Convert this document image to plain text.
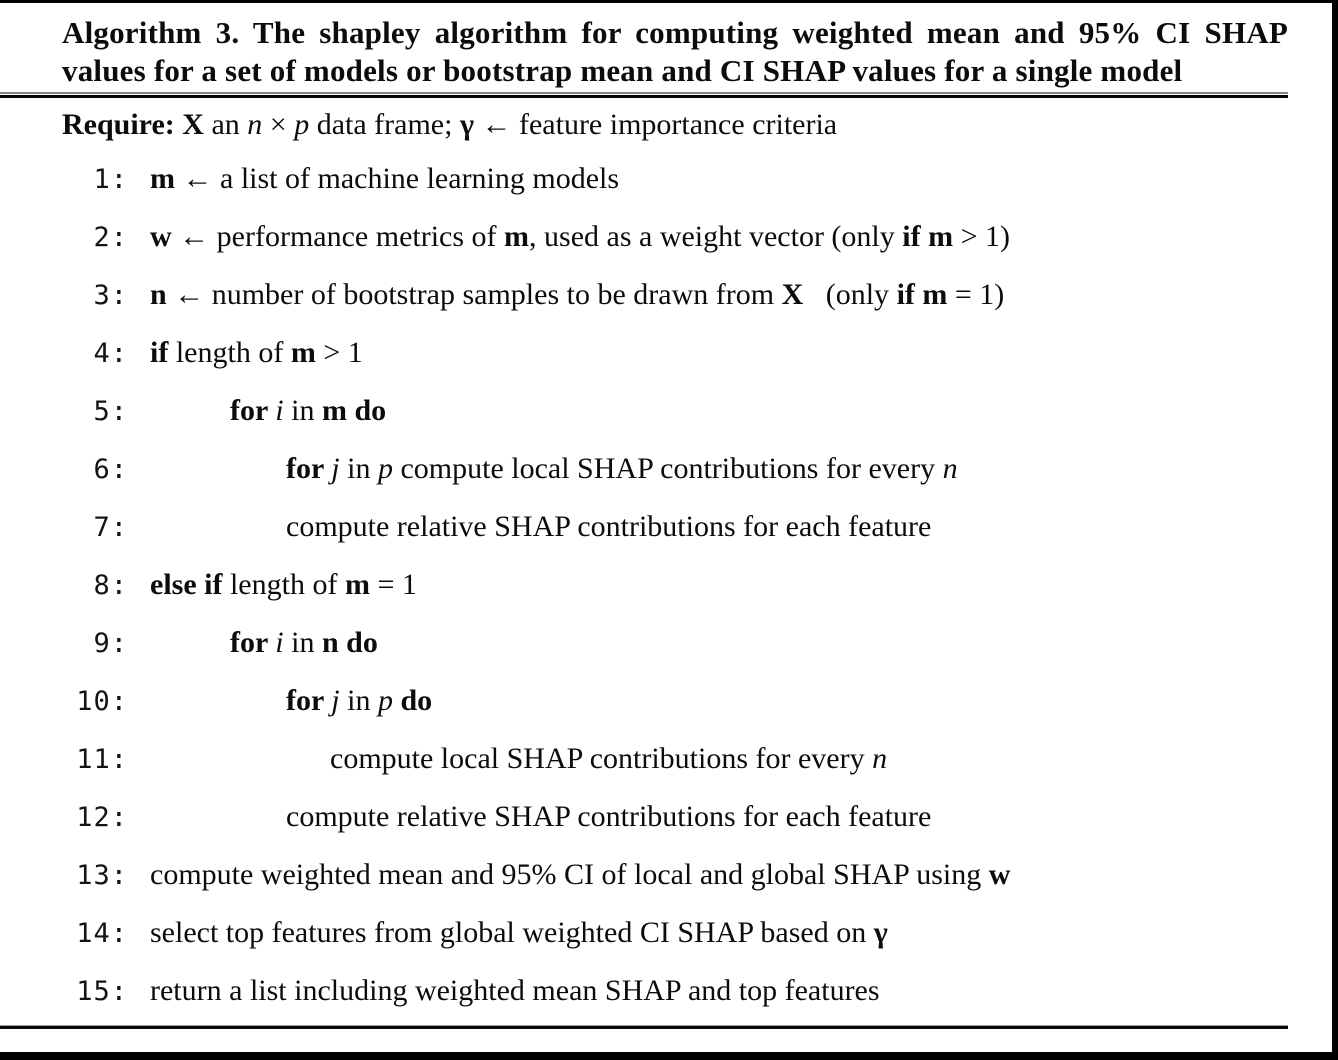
Algorithm 3. The shapley algorithm for computing weighted mean and 95% CI SHAP values for a set of models or bootstrap mean and CI SHAP values for a single model
Require: X an n × p data frame; γ ← feature importance criteria
1: m ← a list of machine learning models
2: w ← performance metrics of m, used as a weight vector (only if m > 1)
3: n ← number of bootstrap samples to be drawn from X   (only if m = 1)
4: if length of m > 1
5:	for i in m do
6:	for j in p compute local SHAP contributions for every n
7:	compute relative SHAP contributions for each feature
8: else if length of m = 1
9:	for i in n do
10:	for j in p do
11:	compute local SHAP contributions for every n
12:	compute relative SHAP contributions for each feature
13: compute weighted mean and 95% CI of local and global SHAP using w
14: select top features from global weighted CI SHAP based on γ
15: return a list including weighted mean SHAP and top features
